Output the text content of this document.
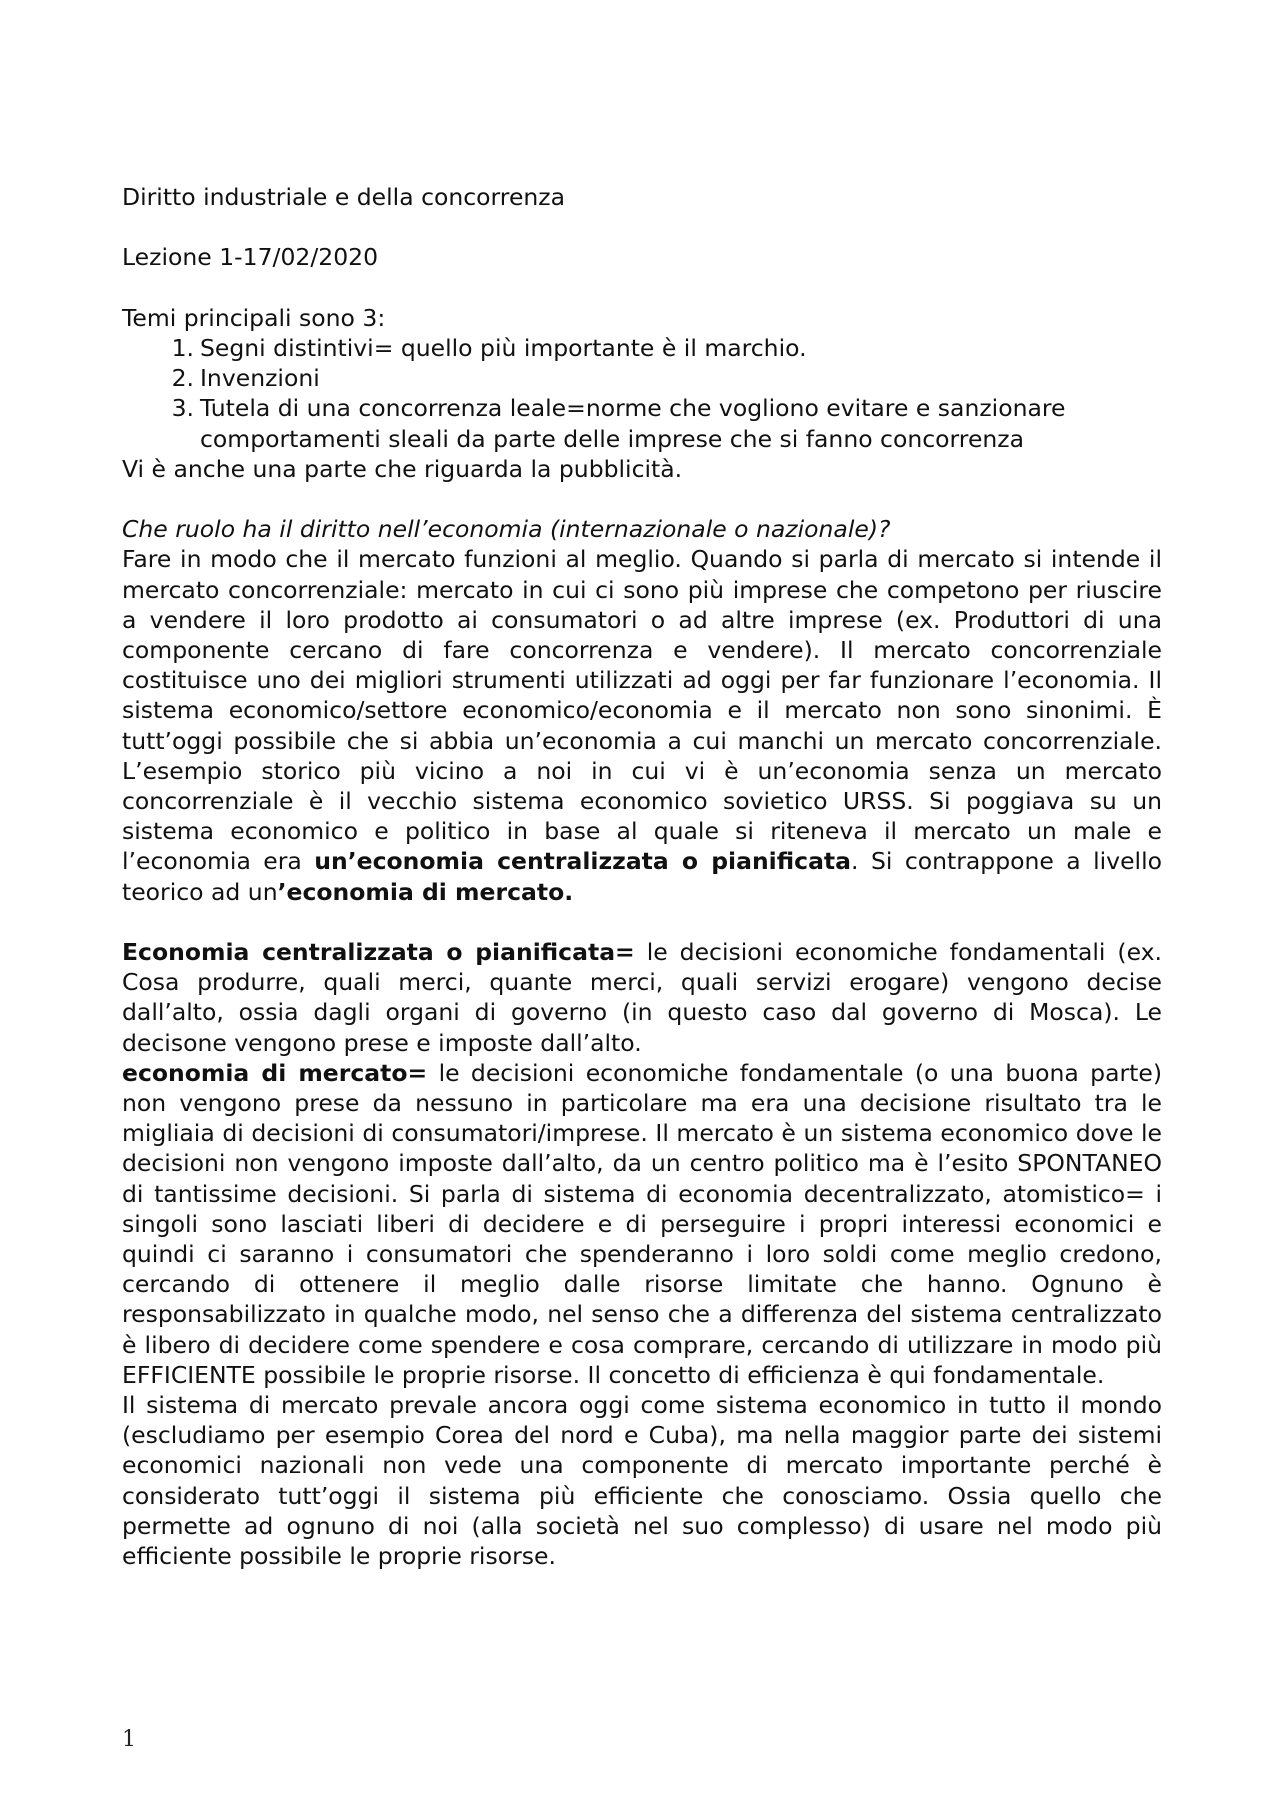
Diritto industriale e della concorrenza

Lezione 1-17/02/2020

Temi principali sono 3:

1. Segni distintivi= quello più importante è il marchio.
2. Invenzioni
3. Tutela di una concorrenza leale=norme che vogliono evitare e sanzionare comportamenti sleali da parte delle imprese che si fanno concorrenza

Vi è anche una parte che riguarda la pubblicità.

Che ruolo ha il diritto nell’economia (internazionale o nazionale)?

Fare in modo che il mercato funzioni al meglio. Quando si parla di mercato si intende il mercato concorrenziale: mercato in cui ci sono più imprese che competono per riuscire a vendere il loro prodotto ai consumatori o ad altre imprese (ex. Produttori di una componente cercano di fare concorrenza e vendere). Il mercato concorrenziale costituisce uno dei migliori strumenti utilizzati ad oggi per far funzionare l’economia. Il sistema economico/settore economico/economia e il mercato non sono sinonimi. È tutt’oggi possibile che si abbia un’economia a cui manchi un mercato concorrenziale. L’esempio storico più vicino a noi in cui vi è un’economia senza un mercato concorrenziale è il vecchio sistema economico sovietico URSS. Si poggiava su un sistema economico e politico in base al quale si riteneva il mercato un male e l’economia era un’economia centralizzata o pianificata. Si contrappone a livello teorico ad un’economia di mercato.

Economia centralizzata o pianificata= le decisioni economiche fondamentali (ex. Cosa produrre, quali merci, quante merci, quali servizi erogare) vengono decise dall’alto, ossia dagli organi di governo (in questo caso dal governo di Mosca). Le decisone vengono prese e imposte dall’alto.

economia di mercato= le decisioni economiche fondamentale (o una buona parte) non vengono prese da nessuno in particolare ma era una decisione risultato tra le migliaia di decisioni di consumatori/imprese. Il mercato è un sistema economico dove le decisioni non vengono imposte dall’alto, da un centro politico ma è l’esito SPONTANEO di tantissime decisioni. Si parla di sistema di economia decentralizzato, atomistico= i singoli sono lasciati liberi di decidere e di perseguire i propri interessi economici e quindi ci saranno i consumatori che spenderanno i loro soldi come meglio credono, cercando di ottenere il meglio dalle risorse limitate che hanno. Ognuno è responsabilizzato in qualche modo, nel senso che a differenza del sistema centralizzato è libero di decidere come spendere e cosa comprare, cercando di utilizzare in modo più EFFICIENTE possibile le proprie risorse. Il concetto di efficienza è qui fondamentale.

Il sistema di mercato prevale ancora oggi come sistema economico in tutto il mondo (escludiamo per esempio Corea del nord e Cuba), ma nella maggior parte dei sistemi economici nazionali non vede una componente di mercato importante perché è considerato tutt’oggi il sistema più efficiente che conosciamo. Ossia quello che permette ad ognuno di noi (alla società nel suo complesso) di usare nel modo più efficiente possibile le proprie risorse.

1
